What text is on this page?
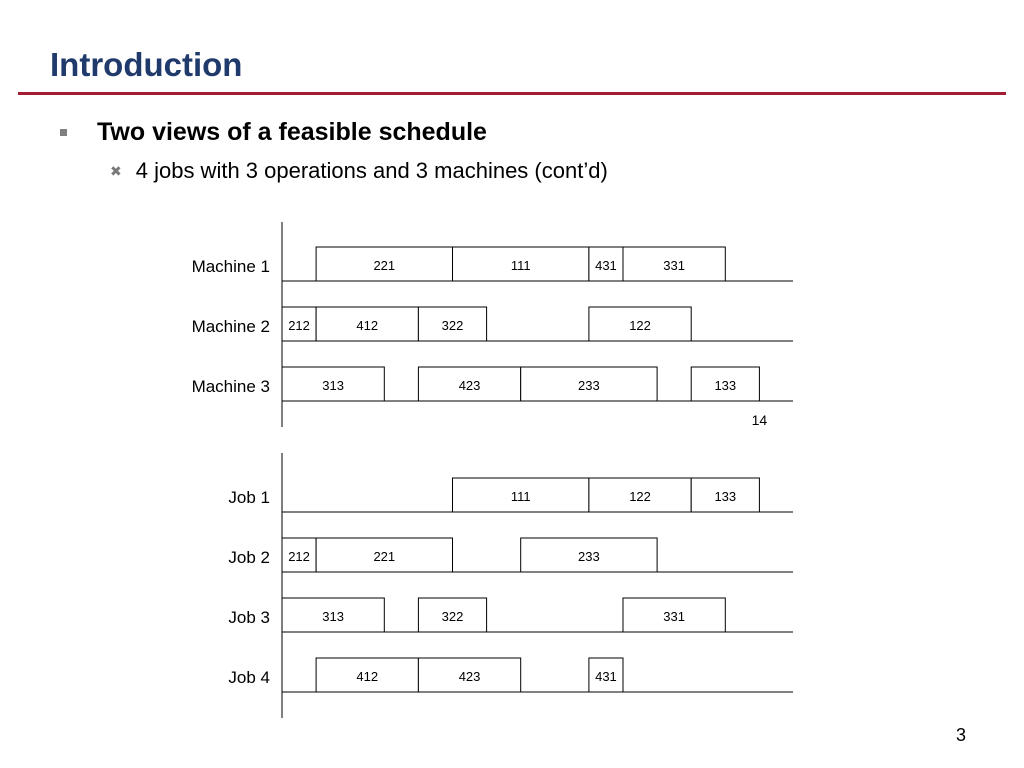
Introduction
Two views of a feasible schedule
✖ 4 jobs with 3 operations and 3 machines (cont’d)
Machine 1	221	111	431	331
Machine 2 212	412	322	122
Machine 3	313	423	233	133
14
Job 1	111	122	133
Job 2 212	221	233
Job 3	313	322	331
Job 4	412	423	431
3
